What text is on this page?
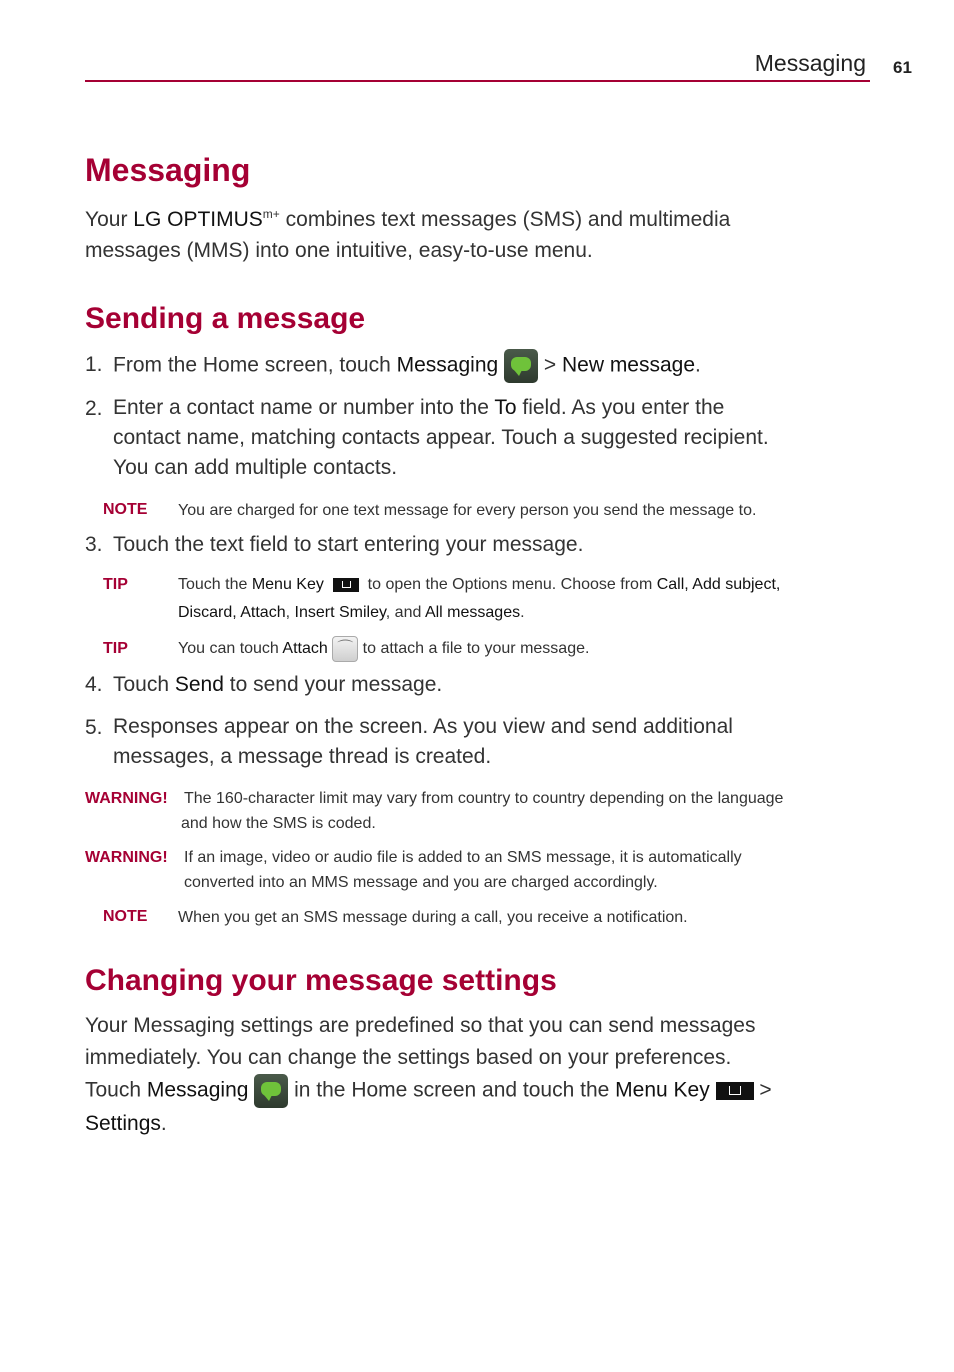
Messaging 61
Messaging
Your LG $OPTIMUS^{m+}$ combines text messages (SMS) and multimedia
messages (MMS) into one intuitive, easy-to-use menu.
Sending a message
1. From the Home screen, touch Messaging
> New message.
2. Enter a contact name or number into the To field. As you enter the
contact name, matching contacts appear. Touch a suggested recipient.
You can add multiple contacts.
NOTE You are charged for one text message for every person you send the message to.
3. Touch the text field to start entering your message.
TIP	Touch the Menu Key    to open the Options menu. Choose from Call, Add subject,
Discard, Attach, Insert Smiley, and All messages.
TIP	You can touch Attach ⌒ to attach a file to your message.
4. Touch Send to send your message.
5. Responses appear on the screen. As you view and send additional
messages, a message thread is created.
WARNING! The 160-character limit may vary from country to country depending on the language
and how the SMS is coded.
WARNING! If an image, video or audio file is added to an SMS message, it is automatically
converted into an MMS message and you are charged accordingly.
NOTE When you get an SMS message during a call, you receive a notification.
Changing your message settings
Your Messaging settings are predefined so that you can send messages
immediately. You can change the settings based on your preferences.
Touch Messaging
in the Home screen and touch the Menu Key  >
Settings.
